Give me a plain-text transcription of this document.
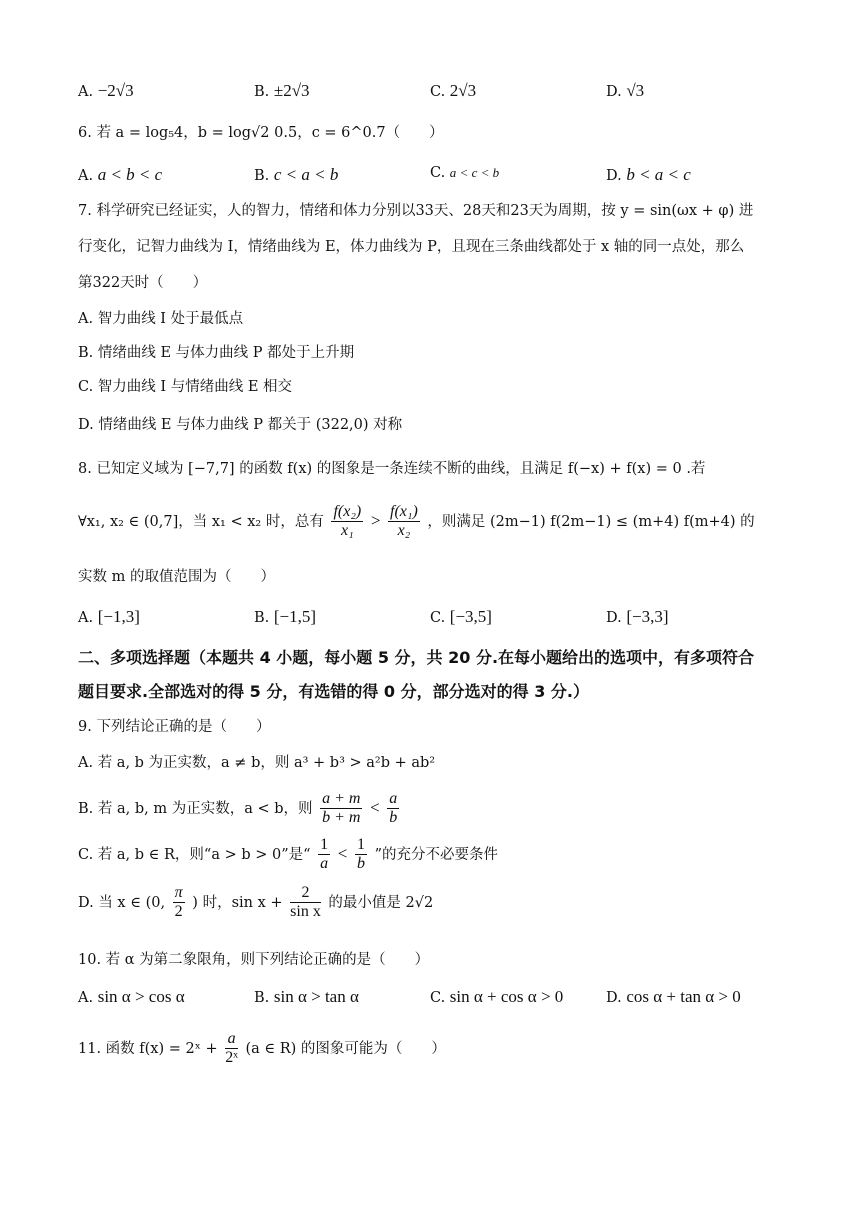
A. −2√3	B. ±2√3	C. 2√3	D. √3
6. 若 a = log₅4，b = log√2 0.5，c = 6^0.7（　　）
A. a < b < c	B. c < a < b	C. a < c < b	D. b < a < c
7. 科学研究已经证实，人的智力，情绪和体力分别以33天、28天和23天为周期，按 y = sin(ωx + φ) 进
行变化，记智力曲线为 I，情绪曲线为 E，体力曲线为 P，且现在三条曲线都处于 x 轴的同一点处，那么
第322天时（　　）
A. 智力曲线 I 处于最低点
B. 情绪曲线 E 与体力曲线 P 都处于上升期
C. 智力曲线 I 与情绪曲线 E 相交
D. 情绪曲线 E 与体力曲线 P 都关于 (322,0) 对称
8. 已知定义域为 [−7,7] 的函数 f(x) 的图象是一条连续不断的曲线，且满足 f(−x) + f(x) = 0 .若
∀x₁, x₂ ∈ (0,7]，当 x₁ < x₂ 时，总有 $\frac{\text{f(x₂)}}{\text{x₁}} > \frac{\text{f(x₁)}}{\text{x₂}}$ ，则满足 (2m−1) f(2m−1) ≤ (m+4) f(m+4) 的
实数 m 的取值范围为（　　）
A. [−1,3]	B. [−1,5]	C. [−3,5]	D. [−3,3]
二、多项选择题（本题共 4 小题，每小题 5 分，共 20 分.在每小题给出的选项中，有多项符合
题目要求.全部选对的得 5 分，有选错的得 0 分，部分选对的得 3 分.）
9. 下列结论正确的是（　　）
A. 若 a, b 为正实数，a ≠ b，则 a³ + b³ > a²b + ab²
B. 若 a, b, m 为正实数，a < b，则 $\frac{a + m}{b + m} < \frac{a}{b}$
C. 若 a, b ∈ R，则“a > b > 0”是“ $\frac{1}{a} < \frac{1}{b}$ ”的充分不必要条件
D. 当 x ∈ (0, $\frac{\pi}{2}$ ) 时，$\sin x + \frac{2}{\text{sin x}}$ 的最小值是 2√2
10. 若 α 为第二象限角，则下列结论正确的是（　　）
A. sin α > cos α	B. sin α > tan α	C. sin α + cos α > 0	D. cos α + tan α > 0
11. 函数 f(x) = 2ˣ + $\frac{a}{\text{2ˣ}} (a$ ∈ R) 的图象可能为（　　）
